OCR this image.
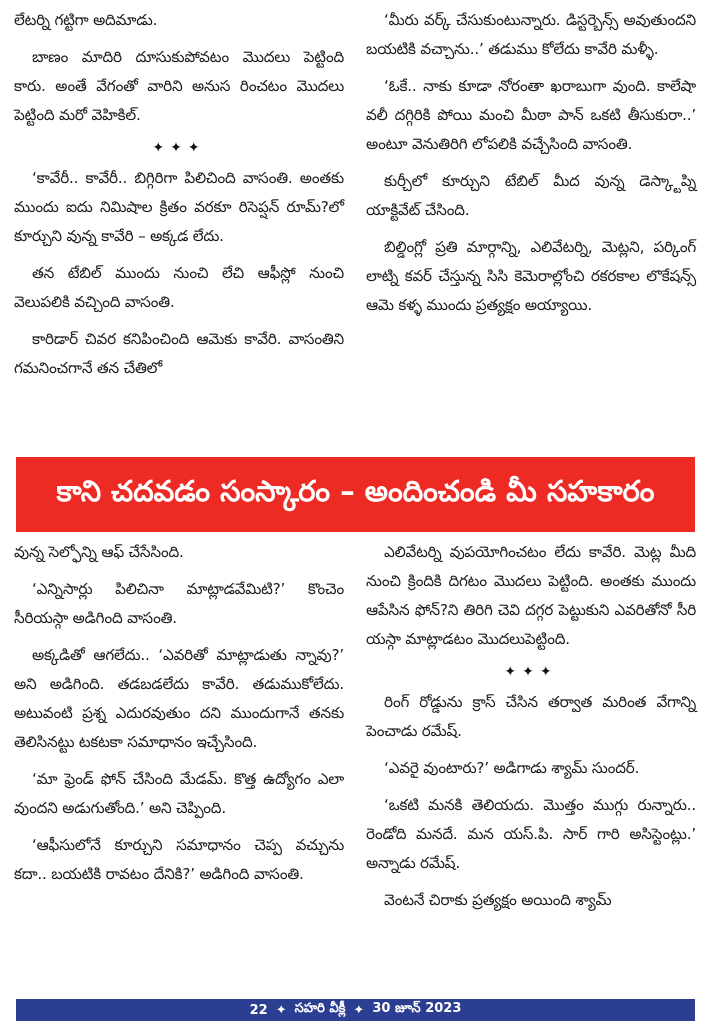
లేటర్ని గట్టిగా అదిమాడు.

బాణం మాదిరి దూసుకుపోవటం మొదలు పెట్టింది కారు. అంతే వేగంతో వారిని అనుస రించటం మొదలు పెట్టింది మరో వెహికిల్.

✦✦✦

‘కావేరీ.. కావేరీ.. బిగ్గిరిగా పిలిచింది వాసంతి. అంతకు ముందు ఐదు నిమిషాల క్రితం వరకూ రిసెప్షన్ రూమ్?లో కూర్చుని వున్న కావేరి – అక్కడ లేదు.

తన టేబిల్ ముందు నుంచి లేచి ఆఫీస్లో నుంచి వెలుపలికి వచ్చింది వాసంతి.

కారిడార్ చివర కనిపించింది ఆమెకు కావేరి. వాసంతిని గమనించగానే తన చేతిలో

‘మీరు వర్క్ చేసుకుంటున్నారు. డిస్టర్బెన్స్ అవుతుందని బయటికి వచ్చాను..’ తడుము కోలేదు కావేరి మళ్ళీ.

‘ఓకే.. నాకు కూడా నోరంతా ఖరాబుగా వుంది. కాలేషా వలీ దగ్గిరికి పోయి మంచి మీఠా పాన్ ఒకటి తీసుకురా..’ అంటూ వెనుతిరిగి లోపలికి వచ్చేసింది వాసంతి.

కుర్చీలో కూర్చుని టేబిల్ మీద వున్న డెస్క్టాప్ని యాక్టివేట్ చేసింది.

బిల్డింగ్లో ప్రతి మార్గాన్ని, ఎలివేటర్ని, మెట్లని, పర్కింగ్ లాట్ని కవర్ చేస్తున్న సిసి కెమెరాల్లోంచి రకరకాల లొకేషన్స్ ఆమె కళ్ళ ముందు ప్రత్యక్షం అయ్యాయి.

కాని చదవడం సంస్కారం – అందించండి మీ సహకారం

వున్న సెల్ఫోన్ని ఆఫ్ చేసేసింది.

‘ఎన్నిసార్లు పిలిచినా మాట్లాడవేమిటి?’ కొంచెం సీరియస్గా అడిగింది వాసంతి.

అక్కడితో ఆగలేదు.. ‘ఎవరితో మాట్లాడుతు న్నావు?’ అని అడిగింది. తడబడలేదు కావేరి. తడుముకోలేదు. అటువంటి ప్రశ్న ఎదురవుతుం దని ముందుగానే తనకు తెలిసినట్టు టకటకా సమాధానం ఇచ్చేసింది.

‘మా ఫ్రెండ్ ఫోన్ చేసింది మేడమ్. కొత్త ఉద్యోగం ఎలా వుందని అడుగుతోంది.’ అని చెప్పింది.

‘ఆఫీసులోనే కూర్చుని సమాధానం చెప్ప వచ్చును కదా.. బయటికి రావటం దేనికి?’ అడిగింది వాసంతి.

ఎలివేటర్ని వుపయోగించటం లేదు కావేరి. మెట్ల మీది నుంచి క్రిందికి దిగటం మొదలు పెట్టింది. అంతకు ముందు ఆపేసిన ఫోన్?ని తిరిగి చెవి దగ్గర పెట్టుకుని ఎవరితోనో సీరి యస్గా మాట్లాడటం మొదలుపెట్టింది.

✦✦✦

రింగ్ రోడ్డును క్రాస్ చేసిన తర్వాత మరింత వేగాన్ని పెంచాడు రమేష్.

‘ఎవరై వుంటారు?’ అడిగాడు శ్యామ్ సుందర్.

‘ఒకటి మనకి తెలియదు. మొత్తం ముగ్గు రున్నారు.. రెండోది మనదే. మన యస్.పి. సార్ గారి అసిస్టెంట్లు.’ అన్నాడు రమేష్.

వెంటనే చిరాకు ప్రత్యక్షం అయింది శ్యామ్

22 ✦ సహరి వీక్లీ ✦ 30 జూన్ 2023
